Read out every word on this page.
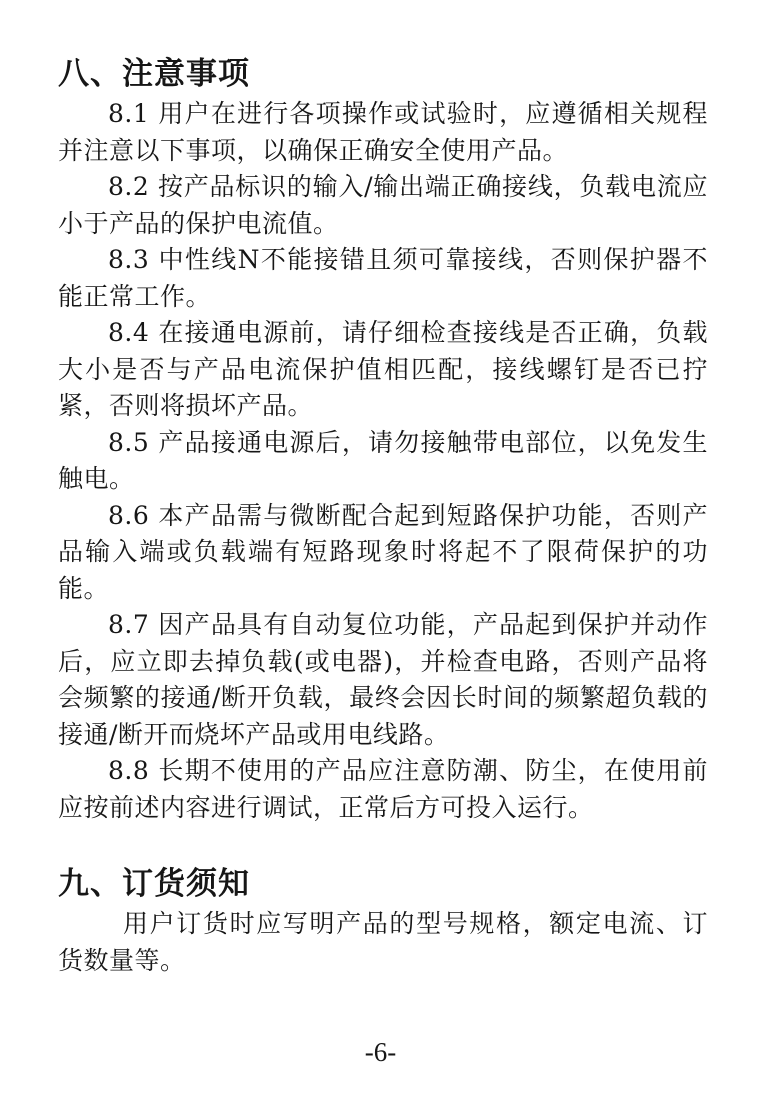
八、注意事项

8.1 用户在进行各项操作或试验时，应遵循相关规程并注意以下事项，以确保正确安全使用产品。

8.2 按产品标识的输入/输出端正确接线，负载电流应小于产品的保护电流值。

8.3 中性线N不能接错且须可靠接线，否则保护器不能正常工作。

8.4 在接通电源前，请仔细检查接线是否正确，负载大小是否与产品电流保护值相匹配，接线螺钉是否已拧紧，否则将损坏产品。

8.5 产品接通电源后，请勿接触带电部位，以免发生触电。

8.6 本产品需与微断配合起到短路保护功能，否则产品输入端或负载端有短路现象时将起不了限荷保护的功能。

8.7 因产品具有自动复位功能，产品起到保护并动作后，应立即去掉负载(或电器)，并检查电路，否则产品将会频繁的接通/断开负载，最终会因长时间的频繁超负载的接通/断开而烧坏产品或用电线路。

8.8 长期不使用的产品应注意防潮、防尘，在使用前应按前述内容进行调试，正常后方可投入运行。

九、订货须知

用户订货时应写明产品的型号规格，额定电流、订货数量等。

-6-
